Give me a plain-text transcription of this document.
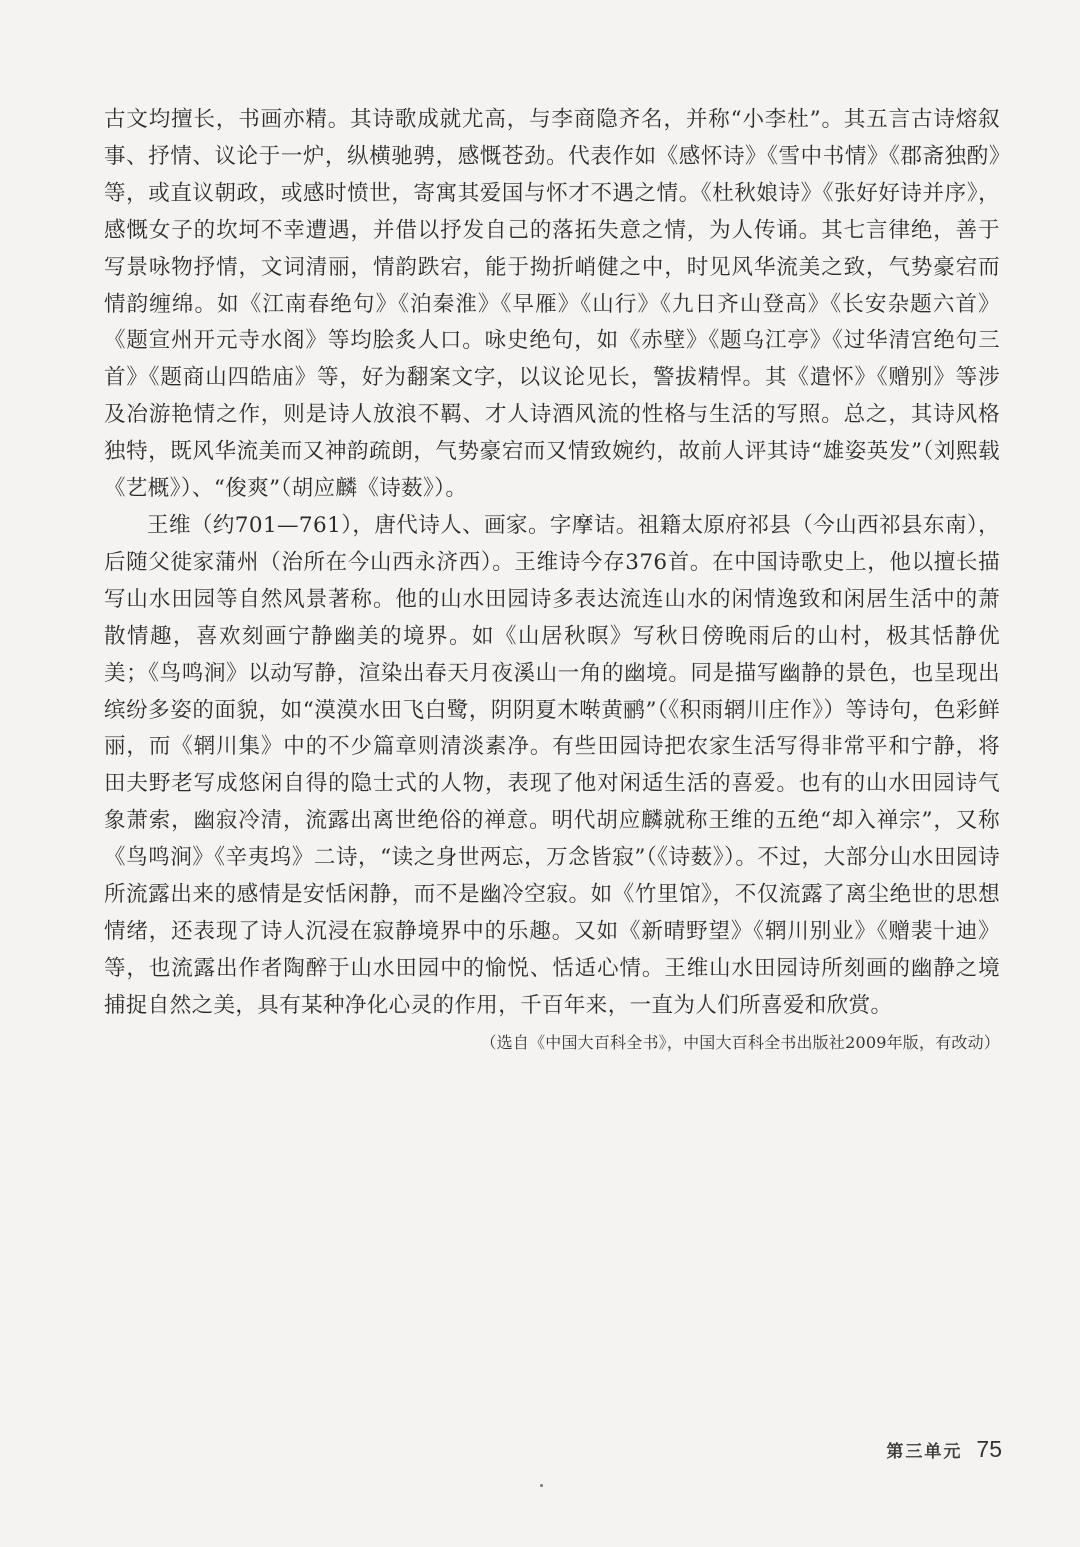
古文均擅长，书画亦精。其诗歌成就尤高，与李商隐齐名，并称“小李杜”。其五言古诗熔叙事、抒情、议论于一炉，纵横驰骋，感慨苍劲。代表作如《感怀诗》《雪中书情》《郡斋独酌》等，或直议朝政，或感时愤世，寄寓其爱国与怀才不遇之情。《杜秋娘诗》《张好好诗并序》，感慨女子的坎坷不幸遭遇，并借以抒发自己的落拓失意之情，为人传诵。其七言律绝，善于写景咏物抒情，文词清丽，情韵跌宕，能于拗折峭健之中，时见风华流美之致，气势豪宕而情韵缠绵。如《江南春绝句》《泊秦淮》《早雁》《山行》《九日齐山登高》《长安杂题六首》《题宣州开元寺水阁》等均脍炙人口。咏史绝句，如《赤壁》《题乌江亭》《过华清宫绝句三首》《题商山四皓庙》等，好为翻案文字，以议论见长，警拔精悍。其《遣怀》《赠别》等涉及冶游艳情之作，则是诗人放浪不羁、才人诗酒风流的性格与生活的写照。总之，其诗风格独特，既风华流美而又神韵疏朗，气势豪宕而又情致婉约，故前人评其诗“雄姿英发”（刘熙载《艺概》）、“俊爽”（胡应麟《诗薮》）。

王维（约701—761），唐代诗人、画家。字摩诘。祖籍太原府祁县（今山西祁县东南），后随父徙家蒲州（治所在今山西永济西）。王维诗今存376首。在中国诗歌史上，他以擅长描写山水田园等自然风景著称。他的山水田园诗多表达流连山水的闲情逸致和闲居生活中的萧散情趣，喜欢刻画宁静幽美的境界。如《山居秋暝》写秋日傍晚雨后的山村，极其恬静优美；《鸟鸣涧》以动写静，渲染出春天月夜溪山一角的幽境。同是描写幽静的景色，也呈现出缤纷多姿的面貌，如“漠漠水田飞白鹭，阴阴夏木啭黄鹂”（《积雨辋川庄作》）等诗句，色彩鲜丽，而《辋川集》中的不少篇章则清淡素净。有些田园诗把农家生活写得非常平和宁静，将田夫野老写成悠闲自得的隐士式的人物，表现了他对闲适生活的喜爱。也有的山水田园诗气象萧索，幽寂冷清，流露出离世绝俗的禅意。明代胡应麟就称王维的五绝“却入禅宗”，又称《鸟鸣涧》《辛夷坞》二诗，“读之身世两忘，万念皆寂”（《诗薮》）。不过，大部分山水田园诗所流露出来的感情是安恬闲静，而不是幽冷空寂。如《竹里馆》，不仅流露了离尘绝世的思想情绪，还表现了诗人沉浸在寂静境界中的乐趣。又如《新晴野望》《辋川别业》《赠裴十迪》等，也流露出作者陶醉于山水田园中的愉悦、恬适心情。王维山水田园诗所刻画的幽静之境捕捉自然之美，具有某种净化心灵的作用，千百年来，一直为人们所喜爱和欣赏。

（选自《中国大百科全书》，中国大百科全书出版社2009年版，有改动）

第三单元 75
